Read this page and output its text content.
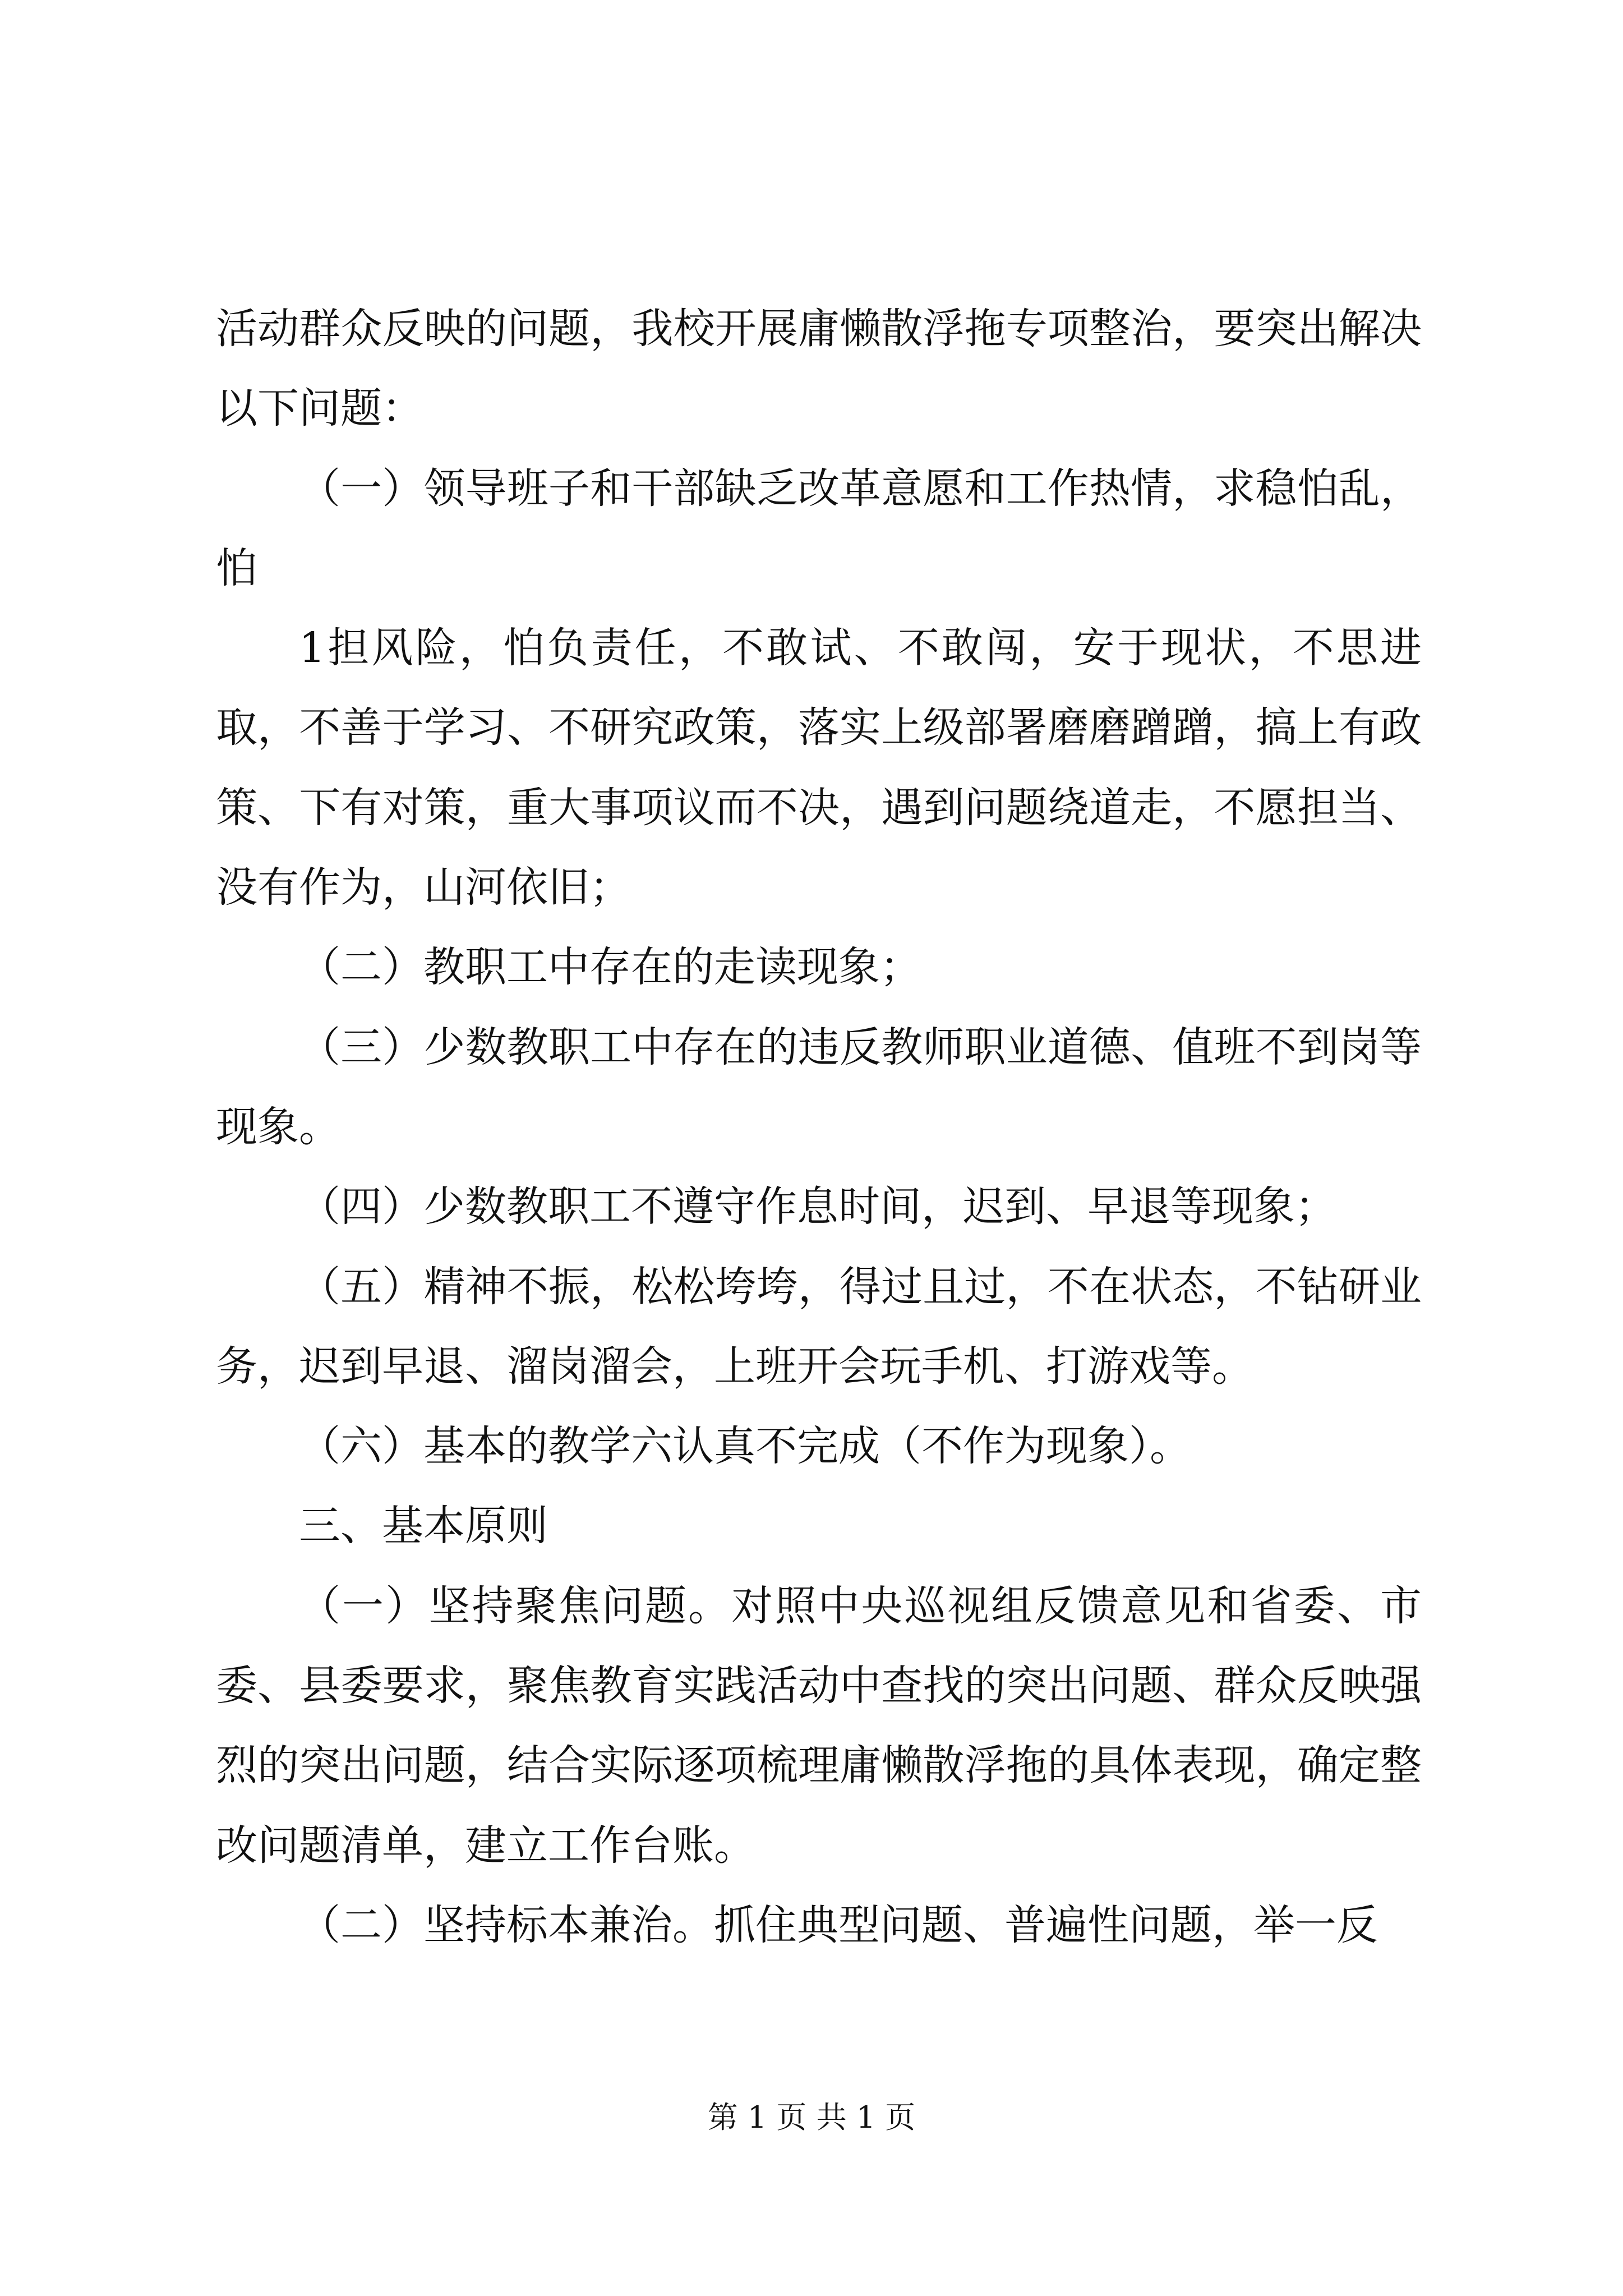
活动群众反映的问题，我校开展庸懒散浮拖专项整治，要突出解决以下问题：

（一）领导班子和干部缺乏改革意愿和工作热情，求稳怕乱，怕

1担风险，怕负责任，不敢试、不敢闯，安于现状，不思进取，不善于学习、不研究政策，落实上级部署磨磨蹭蹭，搞上有政策、下有对策，重大事项议而不决，遇到问题绕道走，不愿担当、没有作为，山河依旧；

（二）教职工中存在的走读现象；

（三）少数教职工中存在的违反教师职业道德、值班不到岗等现象。

（四）少数教职工不遵守作息时间，迟到、早退等现象；

（五）精神不振，松松垮垮，得过且过，不在状态，不钻研业务，迟到早退、溜岗溜会，上班开会玩手机、打游戏等。

（六）基本的教学六认真不完成（不作为现象）。

三、基本原则

（一）坚持聚焦问题。对照中央巡视组反馈意见和省委、市委、县委要求，聚焦教育实践活动中查找的突出问题、群众反映强烈的突出问题，结合实际逐项梳理庸懒散浮拖的具体表现，确定整改问题清单，建立工作台账。

（二）坚持标本兼治。抓住典型问题、普遍性问题，举一反

第 1 页 共 1 页
